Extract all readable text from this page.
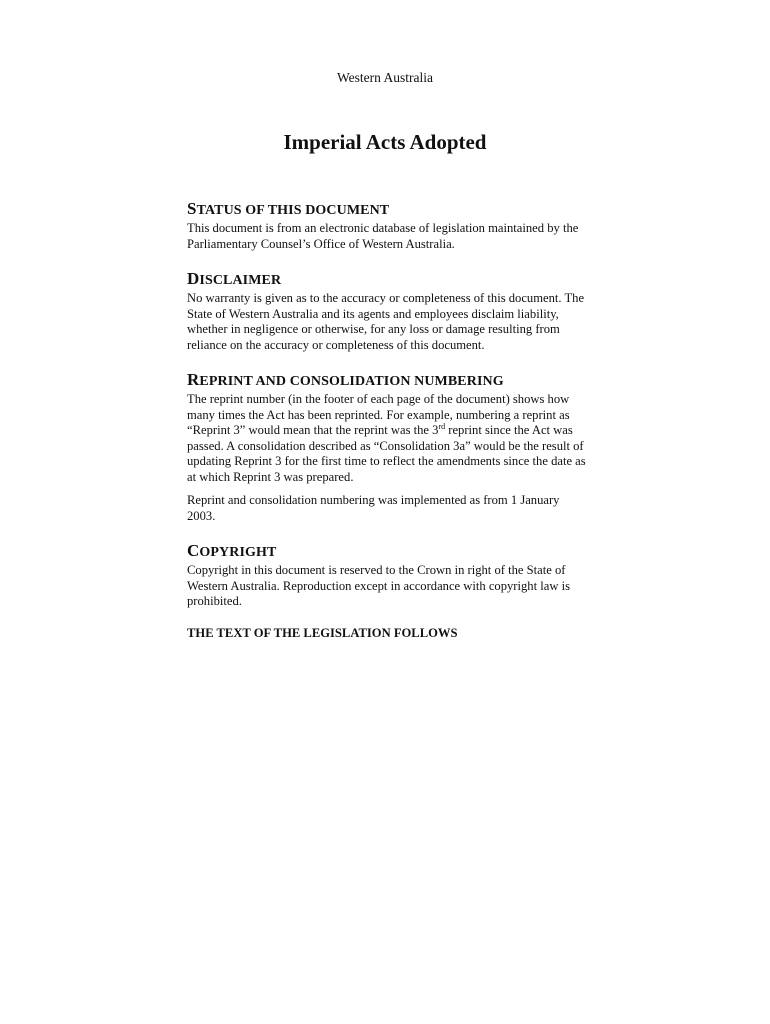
Western Australia
Imperial Acts Adopted
STATUS OF THIS DOCUMENT

This document is from an electronic database of legislation maintained by the Parliamentary Counsel’s Office of Western Australia.

DISCLAIMER

No warranty is given as to the accuracy or completeness of this document. The State of Western Australia and its agents and employees disclaim liability, whether in negligence or otherwise, for any loss or damage resulting from reliance on the accuracy or completeness of this document.

REPRINT AND CONSOLIDATION NUMBERING

The reprint number (in the footer of each page of the document) shows how many times the Act has been reprinted. For example, numbering a reprint as “Reprint 3” would mean that the reprint was the 3rd reprint since the Act was passed. A consolidation described as “Consolidation 3a” would be the result of updating Reprint 3 for the first time to reflect the amendments since the date as at which Reprint 3 was prepared.

Reprint and consolidation numbering was implemented as from 1 January 2003.

COPYRIGHT

Copyright in this document is reserved to the Crown in right of the State of Western Australia. Reproduction except in accordance with copyright law is prohibited.

THE TEXT OF THE LEGISLATION FOLLOWS
